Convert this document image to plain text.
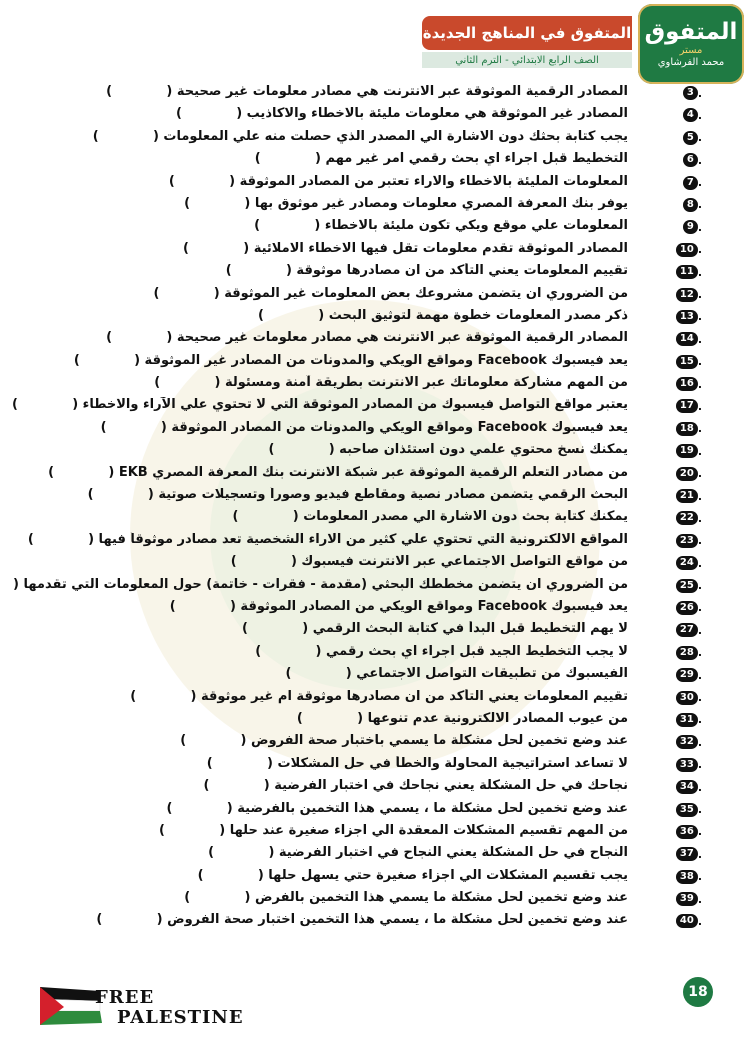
المتفوق
مستر
محمد الفرشاوي
المتفوق في المناهج الجديدة
الصف الرابع الابتدائي - الترم الثاني
المصادر الرقمية الموثوقة عبر الانترنت هي مصادر معلومات غير صحيحة (            )	3 .
المصادر غير الموثوقة هي معلومات مليئة بالاخطاء والاكاذيب (            )	4 .
يجب كتابة بحثك دون الاشارة الي المصدر الذي حصلت منه علي المعلومات (            )	5 .
التخطيط قبل اجراء اي بحث رقمي امر غير مهم (            )	6 .
المعلومات المليئة بالاخطاء والاراء تعتبر من المصادر الموثوقة (            )	7 .
يوفر بنك المعرفة المصري معلومات ومصادر غير موثوق بها (            )	8 .
المعلومات علي موقع ويكي تكون مليئة بالاخطاء (            )	9 .
المصادر الموثوقة تقدم معلومات تقل فيها الاخطاء الاملائية (            )	10 .
تقييم المعلومات يعني التأكد من ان مصادرها موثوقة (            )	11 .
من الضروري ان يتضمن مشروعك بعض المعلومات غير الموثوقة (            )	12 .
ذكر مصدر المعلومات خطوة مهمة لتوثيق البحث (            )	13 .
المصادر الرقمية الموثوقة عبر الانترنت هي مصادر معلومات غير صحيحة (            )	14 .
يعد فيسبوك Facebook ومواقع الويكي والمدونات من المصادر غير الموثوقة (            )	15 .
من المهم مشاركة معلوماتك عبر الانترنت بطريقة آمنة ومسئولة (            )	16 .
يعتبر مواقع التواصل فيسبوك من المصادر الموثوقة التي لا تحتوي علي الآراء والاخطاء (            )	17 .
يعد فيسبوك Facebook ومواقع الويكي والمدونات من المصادر الموثوقة (            )	18 .
يمكنك نسخ محتوي علمي دون استئذان صاحبه (            )	19 .
من مصادر التعلم الرقمية الموثوقة عبر شبكة الانترنت بنك المعرفة المصري EKB (            )	20 .
البحث الرقمي يتضمن مصادر نصية ومقاطع فيديو وصوراً وتسجيلات صوتية (            )	21 .
يمكنك كتابة بحث دون الاشارة الي مصدر المعلومات (            )	22 .
المواقع الالكترونية التي تحتوي علي كثير من الاراء الشخصية تعد مصادر موثوقاً فيها (            )	23 .
من مواقع التواصل الاجتماعي عبر الانترنت فيسبوك (            )	24 .
من الضروري ان يتضمن مخططك البحثي (مقدمة - فقرات - خاتمة) حول المعلومات التي تقدمها (	25 .
يعد فيسبوك Facebook ومواقع الويكي من المصادر الموثوقة (            )	26 .
لا يهم التخطيط قبل البدأ في كتابة البحث الرقمي (            )	27 .
لا يجب التخطيط الجيد قبل اجراء اي بحث رقمي (            )	28 .
الفيسبوك من تطبيقات التواصل الاجتماعي (            )	29 .
تقييم المعلومات يعني التأكد من ان مصادرها موثوقة ام غير موثوقة (            )	30 .
من عيوب المصادر الالكترونية عدم تنوعها (            )	31 .
عند وضع تخمين لحل مشكلة ما يسمي باختبار صحة الفروض (            )	32 .
لا تساعد استراتيجية المحاولة والخطأ في حل المشكلات (            )	33 .
نجاحك في حل المشكلة يعني نجاحك في اختبار الفرضية (            )	34 .
عند وضع تخمين لحل مشكلة ما ، يسمي هذا التخمين بالفرضية (            )	35 .
من المهم تقسيم المشكلات المعقدة الي اجزاء صغيرة عند حلها (            )	36 .
النجاح في حل المشكلة يعني النجاح في اختبار الفرضية (            )	37 .
يجب تقسيم المشكلات الي اجزاء صغيرة حتي يسهل حلها (            )	38 .
عند وضع تخمين لحل مشكلة ما يسمي هذا التخمين بالفرض (            )	39 .
عند وضع تخمين لحل مشكلة ما ، يسمي هذا التخمين اختبار صحة الفروض (            )	40 .
FREE
PALESTINE
18
